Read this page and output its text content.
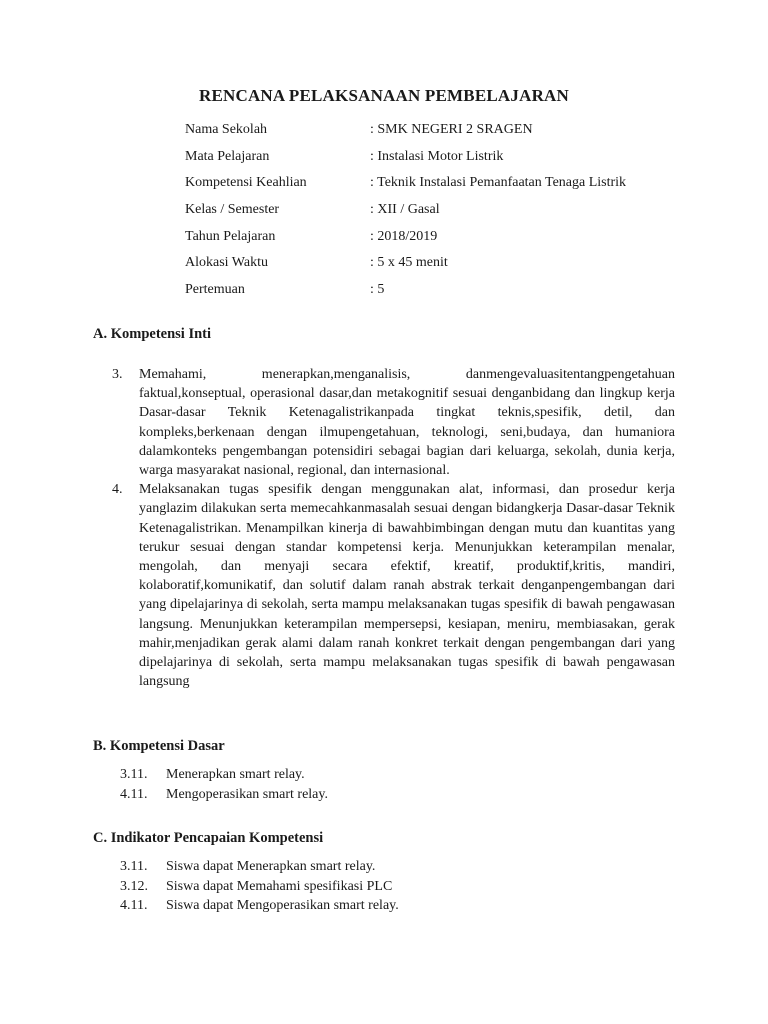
RENCANA PELAKSANAAN PEMBELAJARAN
Nama Sekolah	: SMK NEGERI 2 SRAGEN
Mata Pelajaran	: Instalasi Motor Listrik
Kompetensi Keahlian	: Teknik Instalasi Pemanfaatan Tenaga Listrik
Kelas / Semester	: XII / Gasal
Tahun Pelajaran	: 2018/2019
Alokasi Waktu	: 5 x 45 menit
Pertemuan	: 5
A. Kompetensi Inti
3. Memahami, menerapkan,menganalisis, danmengevaluasitentangpengetahuan faktual,konseptual, operasional dasar,dan metakognitif sesuai denganbidang dan lingkup kerja Dasar-dasar Teknik Ketenagalistrikanpada tingkat teknis,spesifik, detil, dan kompleks,berkenaan dengan ilmupengetahuan, teknologi, seni,budaya, dan humaniora dalamkonteks pengembangan potensidiri sebagai bagian dari keluarga, sekolah, dunia kerja, warga masyarakat nasional, regional, dan internasional.
4. Melaksanakan tugas spesifik dengan menggunakan alat, informasi, dan prosedur kerja yanglazim dilakukan serta memecahkanmasalah sesuai dengan bidangkerja Dasar-dasar Teknik Ketenagalistrikan. Menampilkan kinerja di bawahbimbingan dengan mutu dan kuantitas yang terukur sesuai dengan standar kompetensi kerja. Menunjukkan keterampilan menalar, mengolah, dan menyaji secara efektif, kreatif, produktif,kritis, mandiri, kolaboratif,komunikatif, dan solutif dalam ranah abstrak terkait denganpengembangan dari yang dipelajarinya di sekolah, serta mampu melaksanakan tugas spesifik di bawah pengawasan langsung. Menunjukkan keterampilan mempersepsi, kesiapan, meniru, membiasakan, gerak mahir,menjadikan gerak alami dalam ranah konkret terkait dengan pengembangan dari yang dipelajarinya di sekolah, serta mampu melaksanakan tugas spesifik di bawah pengawasan langsung
B. Kompetensi Dasar
3.11. Menerapkan smart relay.
4.11. Mengoperasikan smart relay.
C. Indikator Pencapaian Kompetensi
3.11. Siswa dapat Menerapkan smart relay.
3.12. Siswa dapat Memahami spesifikasi PLC
4.11. Siswa dapat Mengoperasikan smart relay.
